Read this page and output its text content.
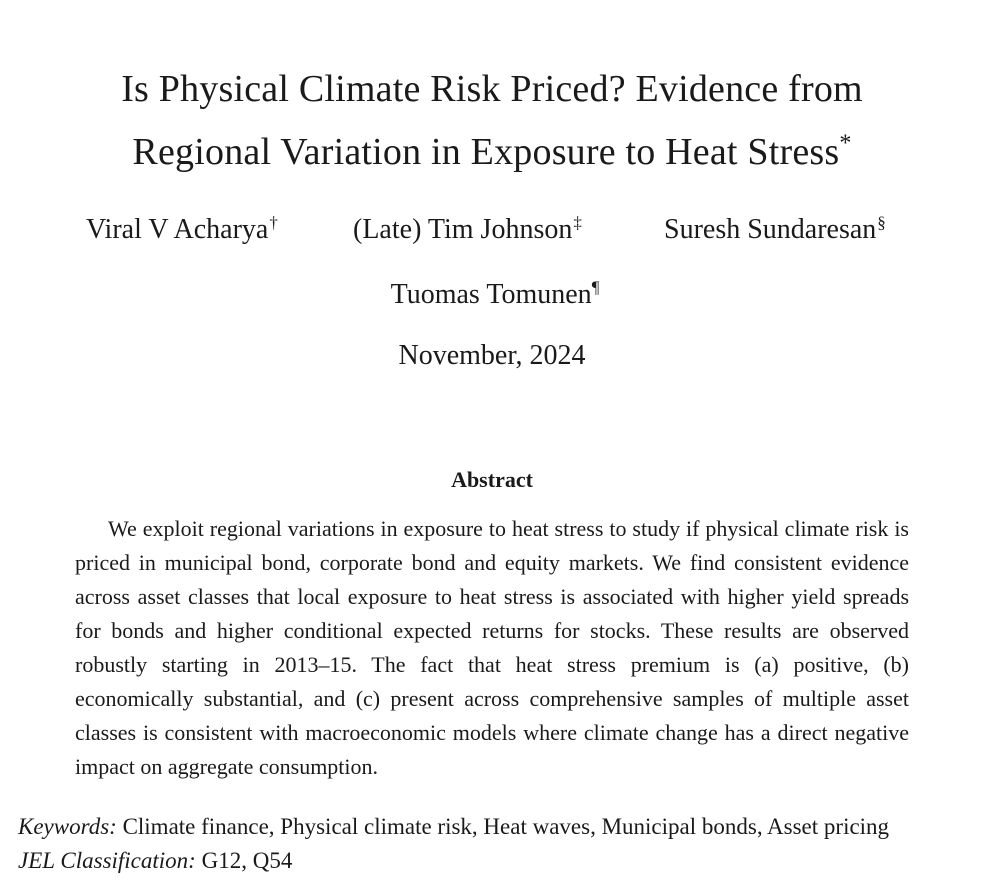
Is Physical Climate Risk Priced? Evidence from
Regional Variation in Exposure to Heat Stress*
Viral V Acharya†	(Late) Tim Johnson‡	Suresh Sundaresan§
Tuomas Tomunen¶
November, 2024
Abstract
We exploit regional variations in exposure to heat stress to study if physical climate risk is priced in municipal bond, corporate bond and equity markets. We find consistent evidence across asset classes that local exposure to heat stress is associated with higher yield spreads for bonds and higher conditional expected returns for stocks. These results are observed robustly starting in 2013–15. The fact that heat stress premium is (a) positive, (b) economically substantial, and (c) present across comprehensive samples of multiple asset classes is consistent with macroeconomic models where climate change has a direct negative impact on aggregate consumption.
Keywords: Climate finance, Physical climate risk, Heat waves, Municipal bonds, Asset pricing
JEL Classification: G12, Q54
